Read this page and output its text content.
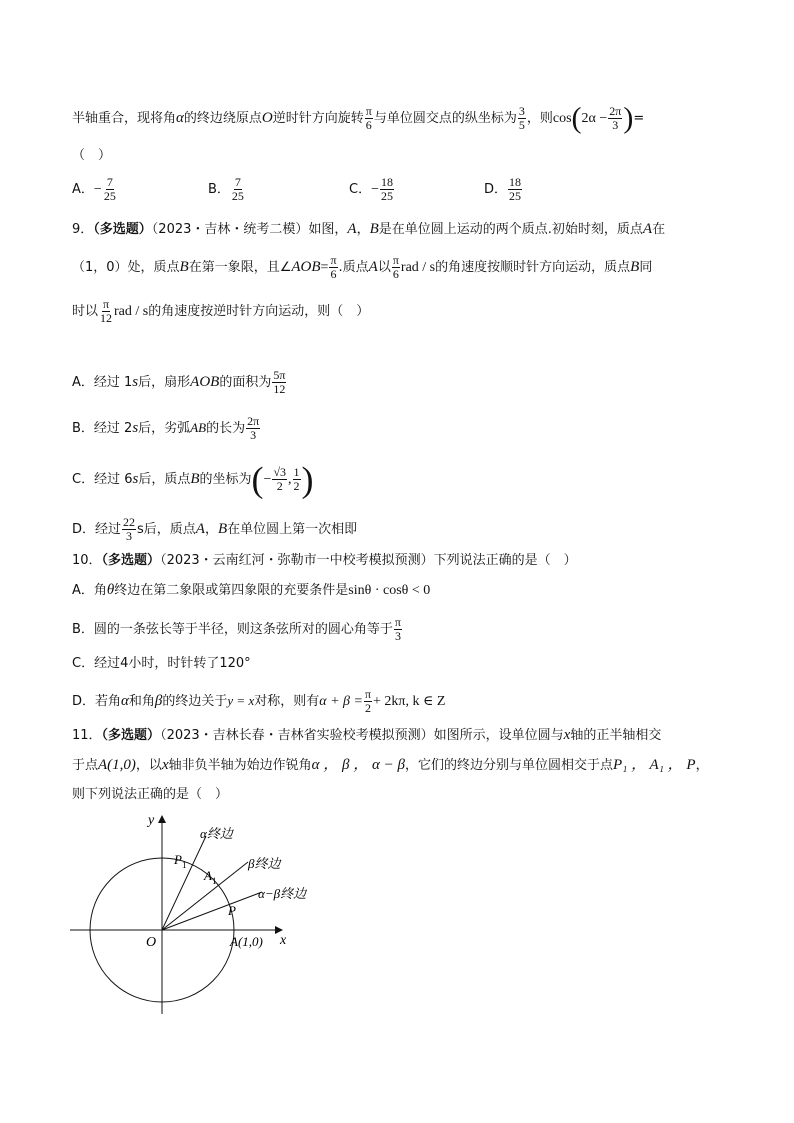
半轴重合，现将角α的终边绕原点O逆时针方向旋转 $\frac{\pi}{6}$ 与单位圆交点的纵坐标为 $\frac{3}{5}$ ，则$\cos(2\alpha - \frac{2\pi}{3}$ )=
（　）
A．− $\frac{7}{25}$	B． $\frac{7}{25}$	C．− $\frac{18}{25}$	D． $\frac{18}{25}$
9．（多选题）（2023・吉林・统考二模）如图，A，B是在单位圆上运动的两个质点.初始时刻，质点A在
（1，0）处，质点B在第一象限，且∠AOB= $\frac{\pi}{6}$ .质点A以 $\frac{\pi}{6}$ rad / s的角速度按顺时针方向运动，质点B同
时以 $\frac{\pi}{12}$ rad / s的角速度按逆时针方向运动，则（　）
A．经过 1s后，扇形AOB的面积为 $\frac{5\pi}{12}$
B．经过 2s后，劣弧AB的长为 $\frac{2\pi}{3}$
C．经过 6s后，质点B的坐标为(− $\frac{√3}{2}$ , $\frac{1}{2}$ )
D．经过 $\frac{22}{3}$ s后，质点A，B在单位圆上第一次相即
10．（多选题）（2023・云南红河・弥勒市一中校考模拟预测）下列说法正确的是（　）
A．角θ终边在第二象限或第四象限的充要条件是sinθ · cosθ < 0
B．圆的一条弦长等于半径，则这条弦所对的圆心角等于 $\frac{\pi}{3}$
C．经过4小时，时针转了120°
D．若角α和角β的终边关于y = x对称，则有$\alpha + \beta = \frac{\pi}{2} + 2k\pi$, k ∈ Z
11．（多选题）（2023・吉林长春・吉林省实验校考模拟预测）如图所示，设单位圆与x轴的正半轴相交
于点A(1,0)，以x轴非负半轴为始边作锐角α ， β ， α − β，它们的终边分别与单位圆相交于点P₁ ， A₁ ， P，
则下列说法正确的是（　）
y
x
O
α终边
β终边
α−β终边
$P_1$
$A_1$
P
A(1,0)
